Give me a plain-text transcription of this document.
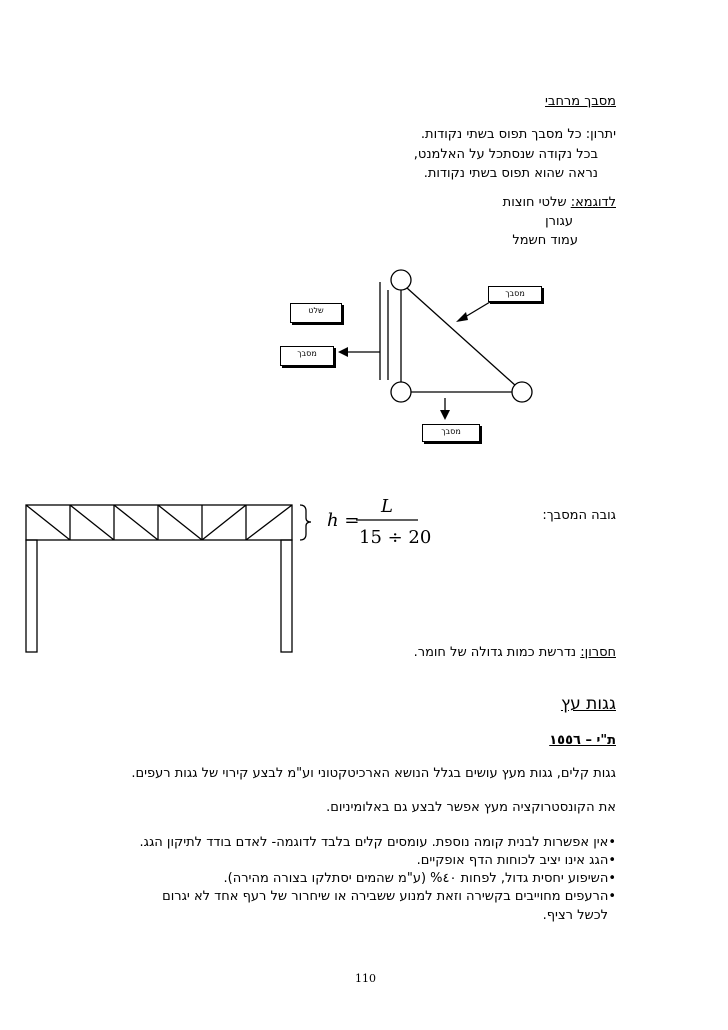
מסבך מרחבי
יתרון: כל מסבך תפוס בשתי נקודות.
בכל נקודה שנסתכל על האלמנט,
נראה שהוא תפוס בשתי נקודות.
לדוגמא: שלטי חוצות
עגורן
עמוד חשמל
מסבך
שלט
מסבך
מסבך
גובה המסבך:
h =
L
15 ÷ 20
חסרון: נדרשת כמות גדולה של חומר.
גגות עץ
ת"י – ١٥٥٦
גגות קלים, גגות מעץ עושים בגלל הנושא הארכיטקטוני וע"מ לבצע קירוי של גגות רעפים.
את הקונסטרוקציה מעץ אפשר לבצע גם באלומיניום.
•אין אפשרות לבנית קומה נוספת. עומסים קלים בלבד לדוגמה- לאדם בודד לתיקון הגג.
•הגג אינו יציב לכוחות הדף אופקיים.
•השיפוע יחסית גדול, לפחות ٤٠% (ע"מ שהמים יסתלקו בצורה מהירה).
•הרעפים מחוייבים בקשירה וזאת למנוע ששבירה או שיחרור של רעף אחד לא יגרום
לכשל רציף.
110
